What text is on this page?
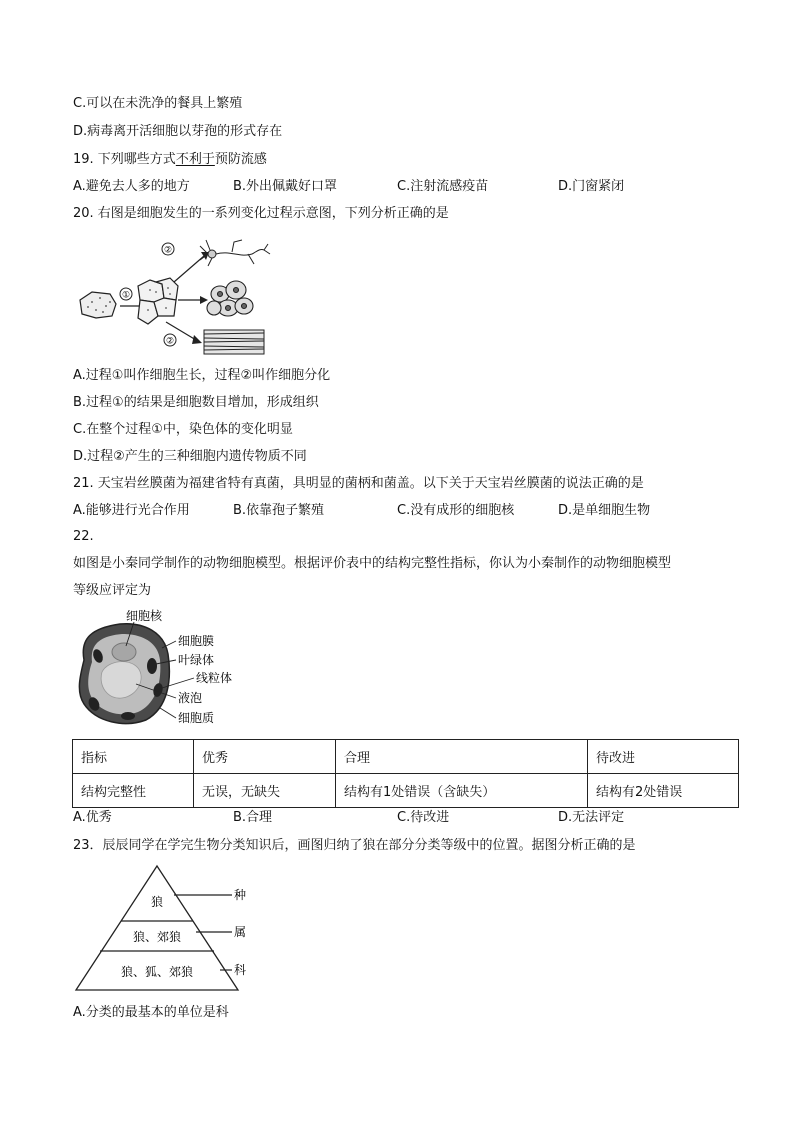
C.可以在未洗净的餐具上繁殖
D.病毒离开活细胞以芽孢的形式存在
19. 下列哪些方式不利于预防流感
A.避免去人多的地方	B.外出佩戴好口罩	C.注射流感疫苗	D.门窗紧闭
20. 右图是细胞发生的一系列变化过程示意图，下列分析正确的是
①
②
②
A.过程①叫作细胞生长，过程②叫作细胞分化
B.过程①的结果是细胞数目增加，形成组织
C.在整个过程①中，染色体的变化明显
D.过程②产生的三种细胞内遗传物质不同
21. 天宝岩丝膜菌为福建省特有真菌，具明显的菌柄和菌盖。以下关于天宝岩丝膜菌的说法正确的是
A.能够进行光合作用	B.依靠孢子繁殖	C.没有成形的细胞核	D.是单细胞生物
22.
如图是小秦同学制作的动物细胞模型。根据评价表中的结构完整性指标，你认为小秦制作的动物细胞模型
等级应评定为
细胞核
细胞膜
叶绿体
线粒体
液泡
细胞质
指标	优秀	合理	待改进
结构完整性	无误，无缺失	结构有1处错误（含缺失）	结构有2处错误
A.优秀	B.合理	C.待改进	D.无法评定
23．辰辰同学在学完生物分类知识后，画图归纳了狼在部分分类等级中的位置。据图分析正确的是
狼
狼、郊狼
狼、狐、郊狼
种
属
科
A.分类的最基本的单位是科
